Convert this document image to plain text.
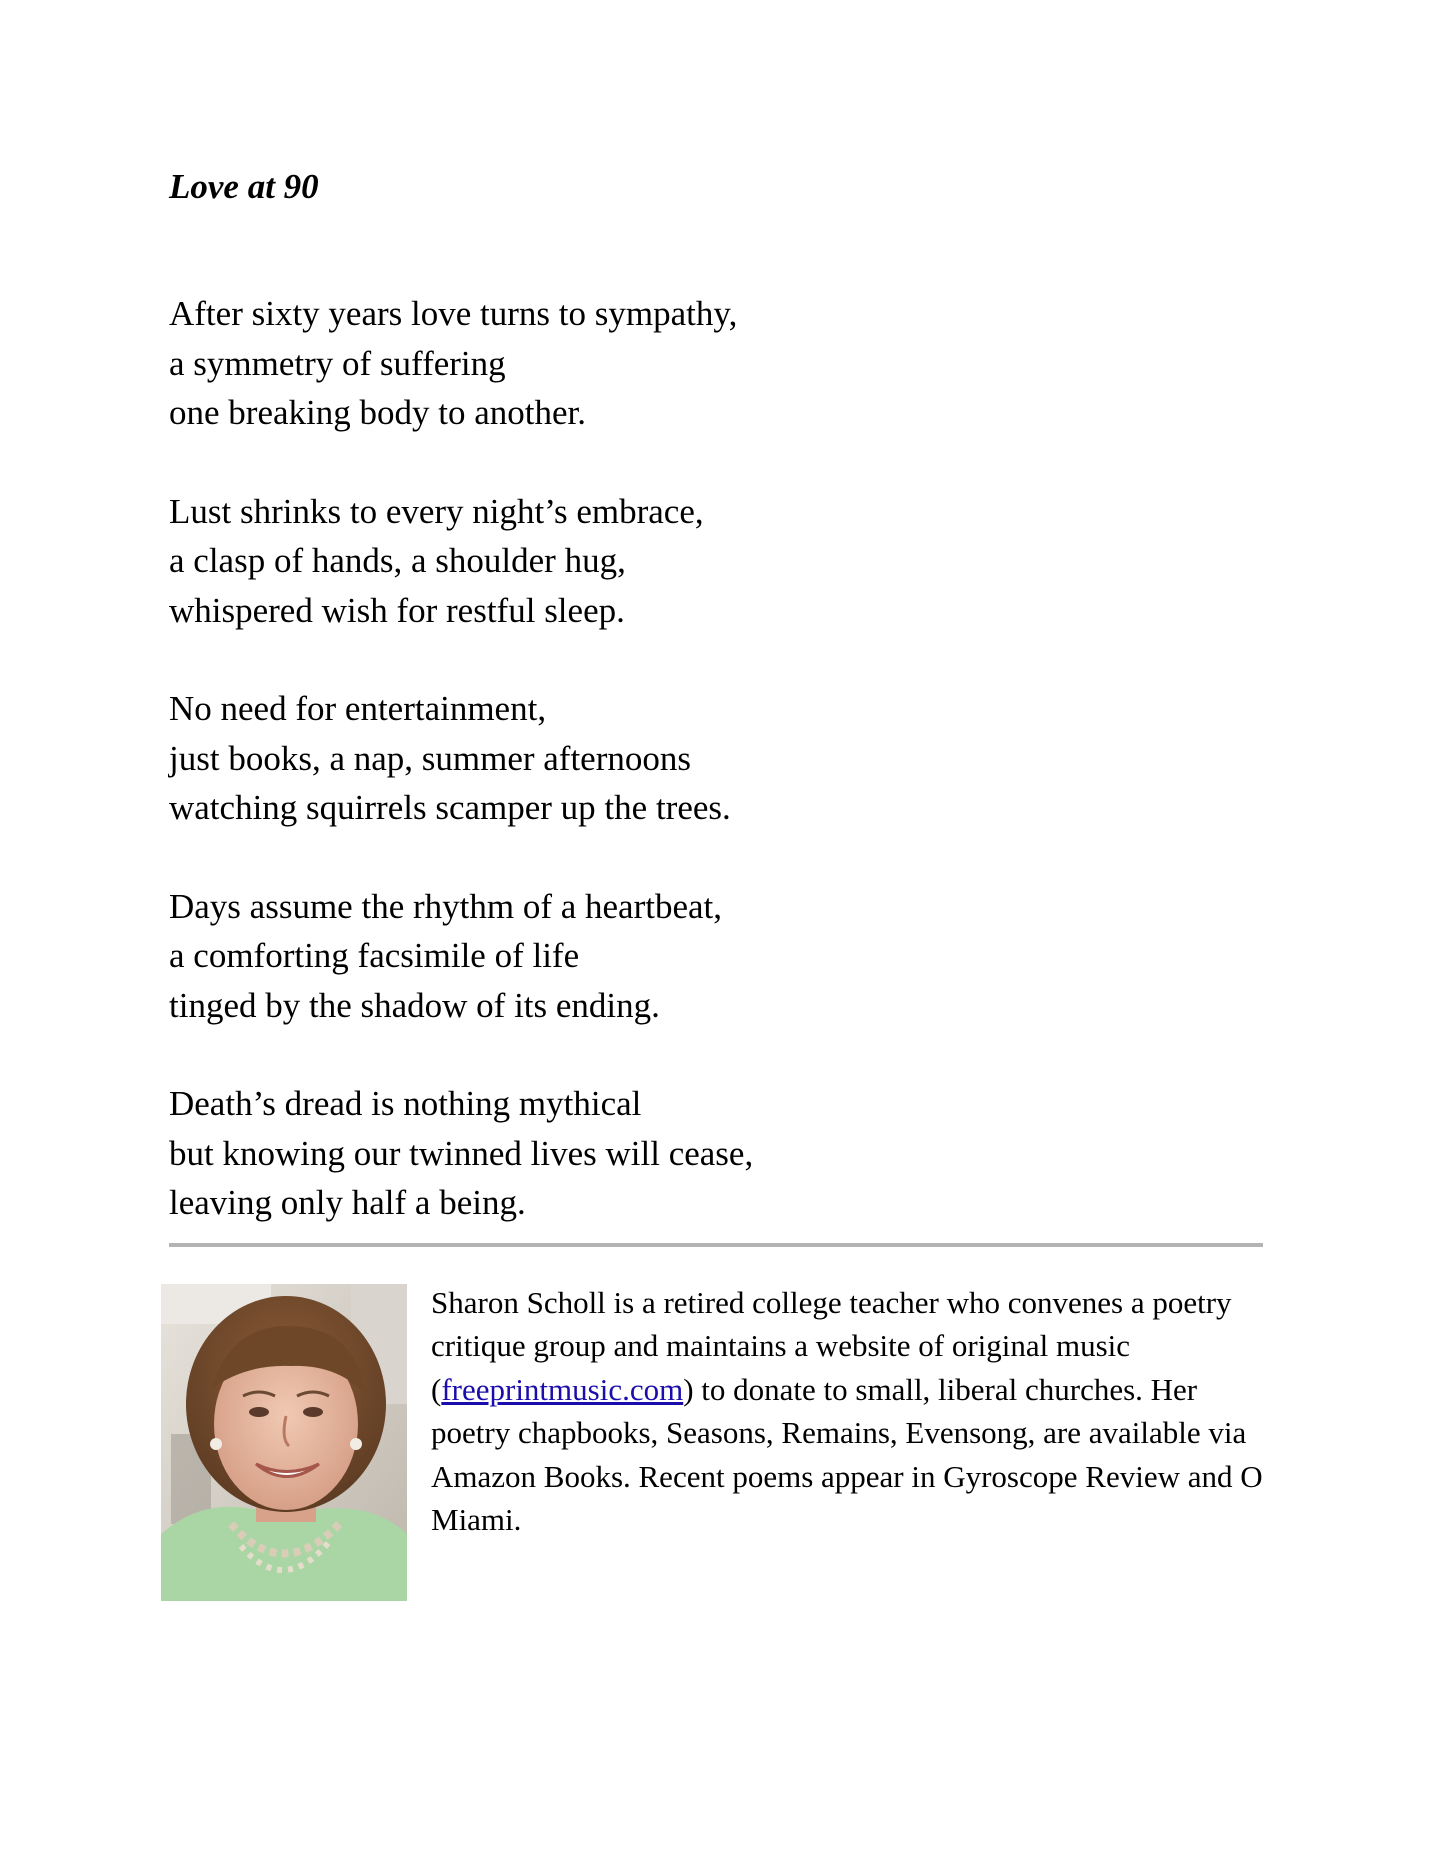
Love at 90

After sixty years love turns to sympathy,
a symmetry of suffering
one breaking body to another.

Lust shrinks to every night’s embrace,
a clasp of hands, a shoulder hug,
whispered wish for restful sleep.

No need for entertainment,
just books, a nap, summer afternoons
watching squirrels scamper up the trees.

Days assume the rhythm of a heartbeat,
a comforting facsimile of life
tinged by the shadow of its ending.

Death’s dread is nothing mythical
but knowing our twinned lives will cease,
leaving only half a being.

Sharon Scholl is a retired college teacher who convenes a poetry critique group and maintains a website of original music (freeprintmusic.com) to donate to small, liberal churches. Her poetry chapbooks, Seasons, Remains, Evensong, are available via Amazon Books. Recent poems appear in Gyroscope Review and O Miami.
